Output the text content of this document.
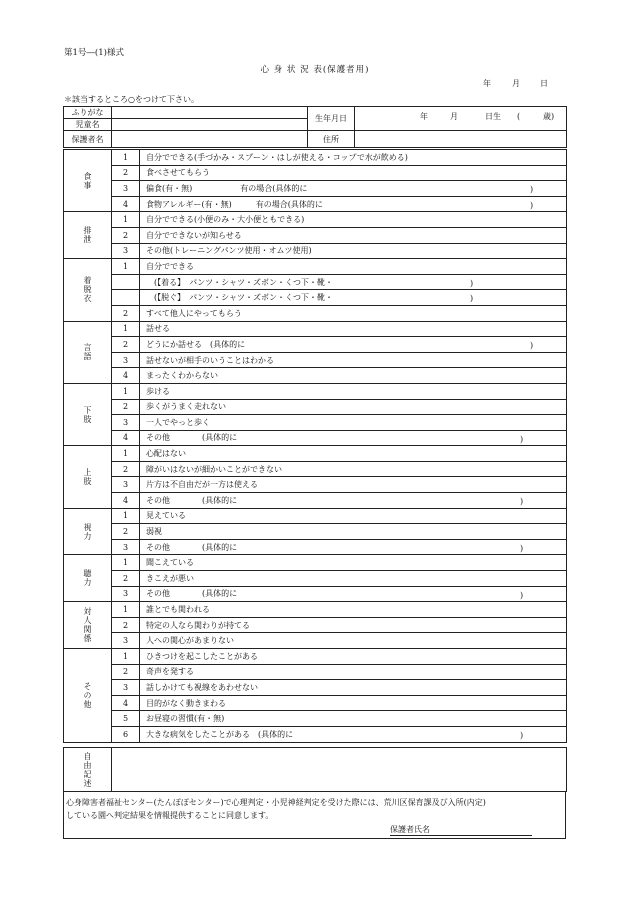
第1号―(1)様式
心 身 状 況 表(保護者用)
年	月	日
＊該当するところ○をつけて下さい。
ふりがな		生年月日	年 月 日生 ( 歳)

児童名			
保護者名		住所	
食事	1	自分でできる(手づかみ・スプーン・はしが使える・コップで水が飲める)
	2	食べさせてもらう
	3	偏食(有・無)　　　　　　有の場合(具体的に )

	4	食物アレルギー(有・無)　　　有の場合(具体的に )

排泄	1	自分でできる(小便のみ・大小便ともできる)
	2	自分でできないが知らせる
	3	その他(トレーニングパンツ使用・オムツ使用)

着脱衣	1	自分でできる
		　(【着る】　パンツ・シャツ・ズボン・くつ下・靴・ )

		　(【脱ぐ】　パンツ・シャツ・ズボン・くつ下・靴・ )

	2	すべて他人にやってもらう

言語	1	話せる
	2	どうにか話せる　(具体的に )

	3	話せないが相手のいうことはわかる
	4	まったくわからない

下肢	1	歩ける
	2	歩くがうまく走れない
	3	一人でやっと歩く
	4	その他　　　　(具体的に )

上肢	1	心配はない
	2	障がいはないが細かいことができない
	3	片方は不自由だが一方は使える
	4	その他　　　　(具体的に )

視力	1	見えている
	2	弱視
	3	その他　　　　(具体的に )

聴力	1	聞こえている
	2	きこえが悪い
	3	その他　　　　(具体的に )

対人関係	1	誰とでも関われる
	2	特定の人なら関わりが持てる
	3	人への関心があまりない

その他	1	ひきつけを起こしたことがある
	2	奇声を発する
	3	話しかけても視線をあわせない
	4	目的がなく動きまわる
	5	お昼寝の習慣(有・無)
	6	大きな病気をしたことがある　(具体的に )
自由記述

心身障害者福祉センター(たんぽぽセンター)で心理判定・小児神経判定を受けた際には、荒川区保育課及び入所(内定)
している園へ判定結果を情報提供することに同意します。
保護者氏名
